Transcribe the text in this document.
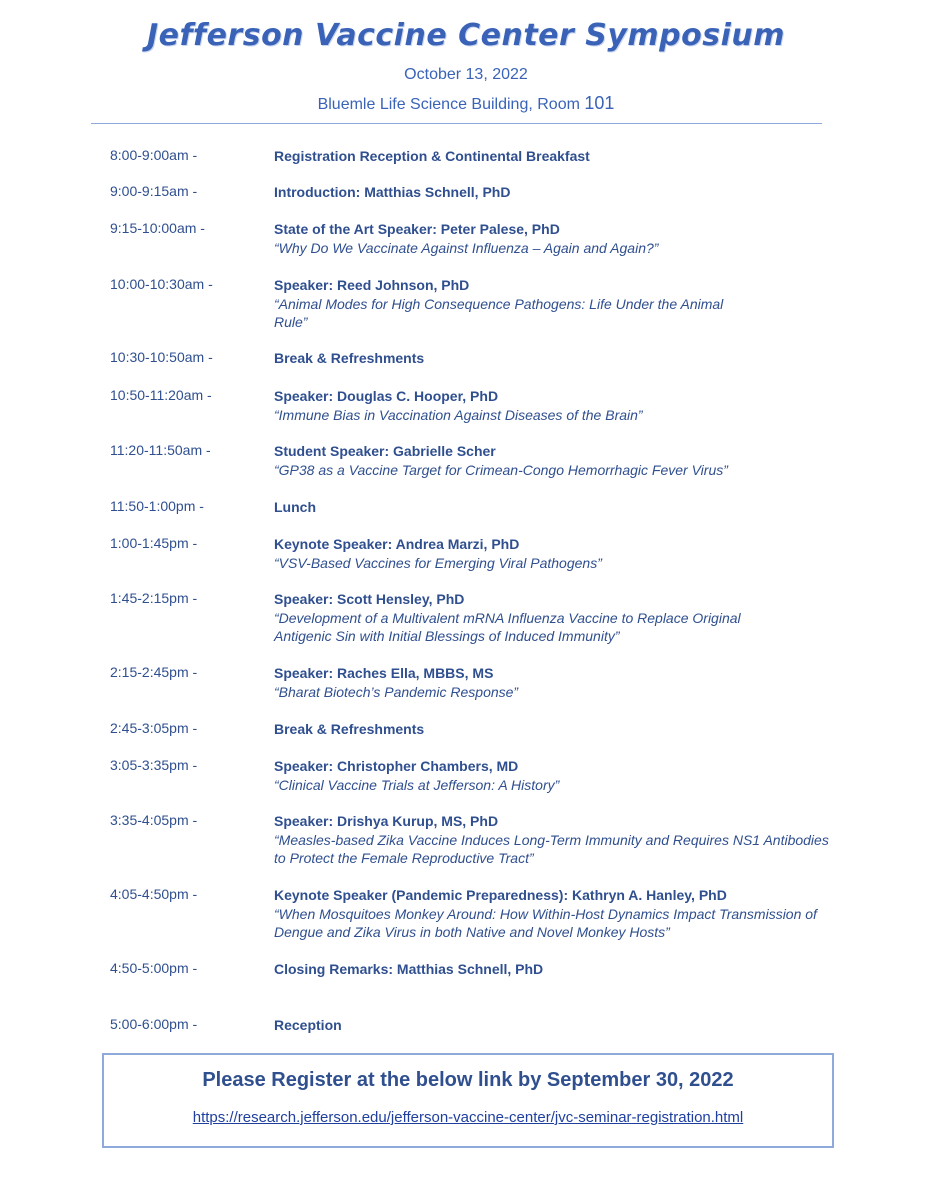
Jefferson Vaccine Center Symposium
October 13, 2022
Bluemle Life Science Building, Room 101
8:00-9:00am -	Registration Reception & Continental Breakfast
9:00-9:15am -	Introduction: Matthias Schnell, PhD
9:15-10:00am -	State of the Art Speaker: Peter Palese, PhD
“Why Do We Vaccinate Against Influenza – Again and Again?”
10:00-10:30am -	Speaker: Reed Johnson, PhD
“Animal Modes for High Consequence Pathogens: Life Under the Animal Rule”
10:30-10:50am -	Break & Refreshments
10:50-11:20am -	Speaker: Douglas C. Hooper, PhD
“Immune Bias in Vaccination Against Diseases of the Brain”
11:20-11:50am -	Student Speaker: Gabrielle Scher
“GP38 as a Vaccine Target for Crimean-Congo Hemorrhagic Fever Virus”
11:50-1:00pm -	Lunch
1:00-1:45pm -	Keynote Speaker: Andrea Marzi, PhD
“VSV-Based Vaccines for Emerging Viral Pathogens”
1:45-2:15pm -	Speaker: Scott Hensley, PhD
“Development of a Multivalent mRNA Influenza Vaccine to Replace Original Antigenic Sin with Initial Blessings of Induced Immunity”
2:15-2:45pm -	Speaker: Raches Ella, MBBS, MS
“Bharat Biotech’s Pandemic Response”
2:45-3:05pm -	Break & Refreshments
3:05-3:35pm -	Speaker: Christopher Chambers, MD
“Clinical Vaccine Trials at Jefferson: A History”
3:35-4:05pm -	Speaker: Drishya Kurup, MS, PhD
“Measles-based Zika Vaccine Induces Long-Term Immunity and Requires NS1 Antibodies to Protect the Female Reproductive Tract”
4:05-4:50pm -	Keynote Speaker (Pandemic Preparedness): Kathryn A. Hanley, PhD
“When Mosquitoes Monkey Around: How Within-Host Dynamics Impact Transmission of Dengue and Zika Virus in both Native and Novel Monkey Hosts”
4:50-5:00pm -	Closing Remarks: Matthias Schnell, PhD
5:00-6:00pm -	Reception
Please Register at the below link by September 30, 2022
https://research.jefferson.edu/jefferson-vaccine-center/jvc-seminar-registration.html
